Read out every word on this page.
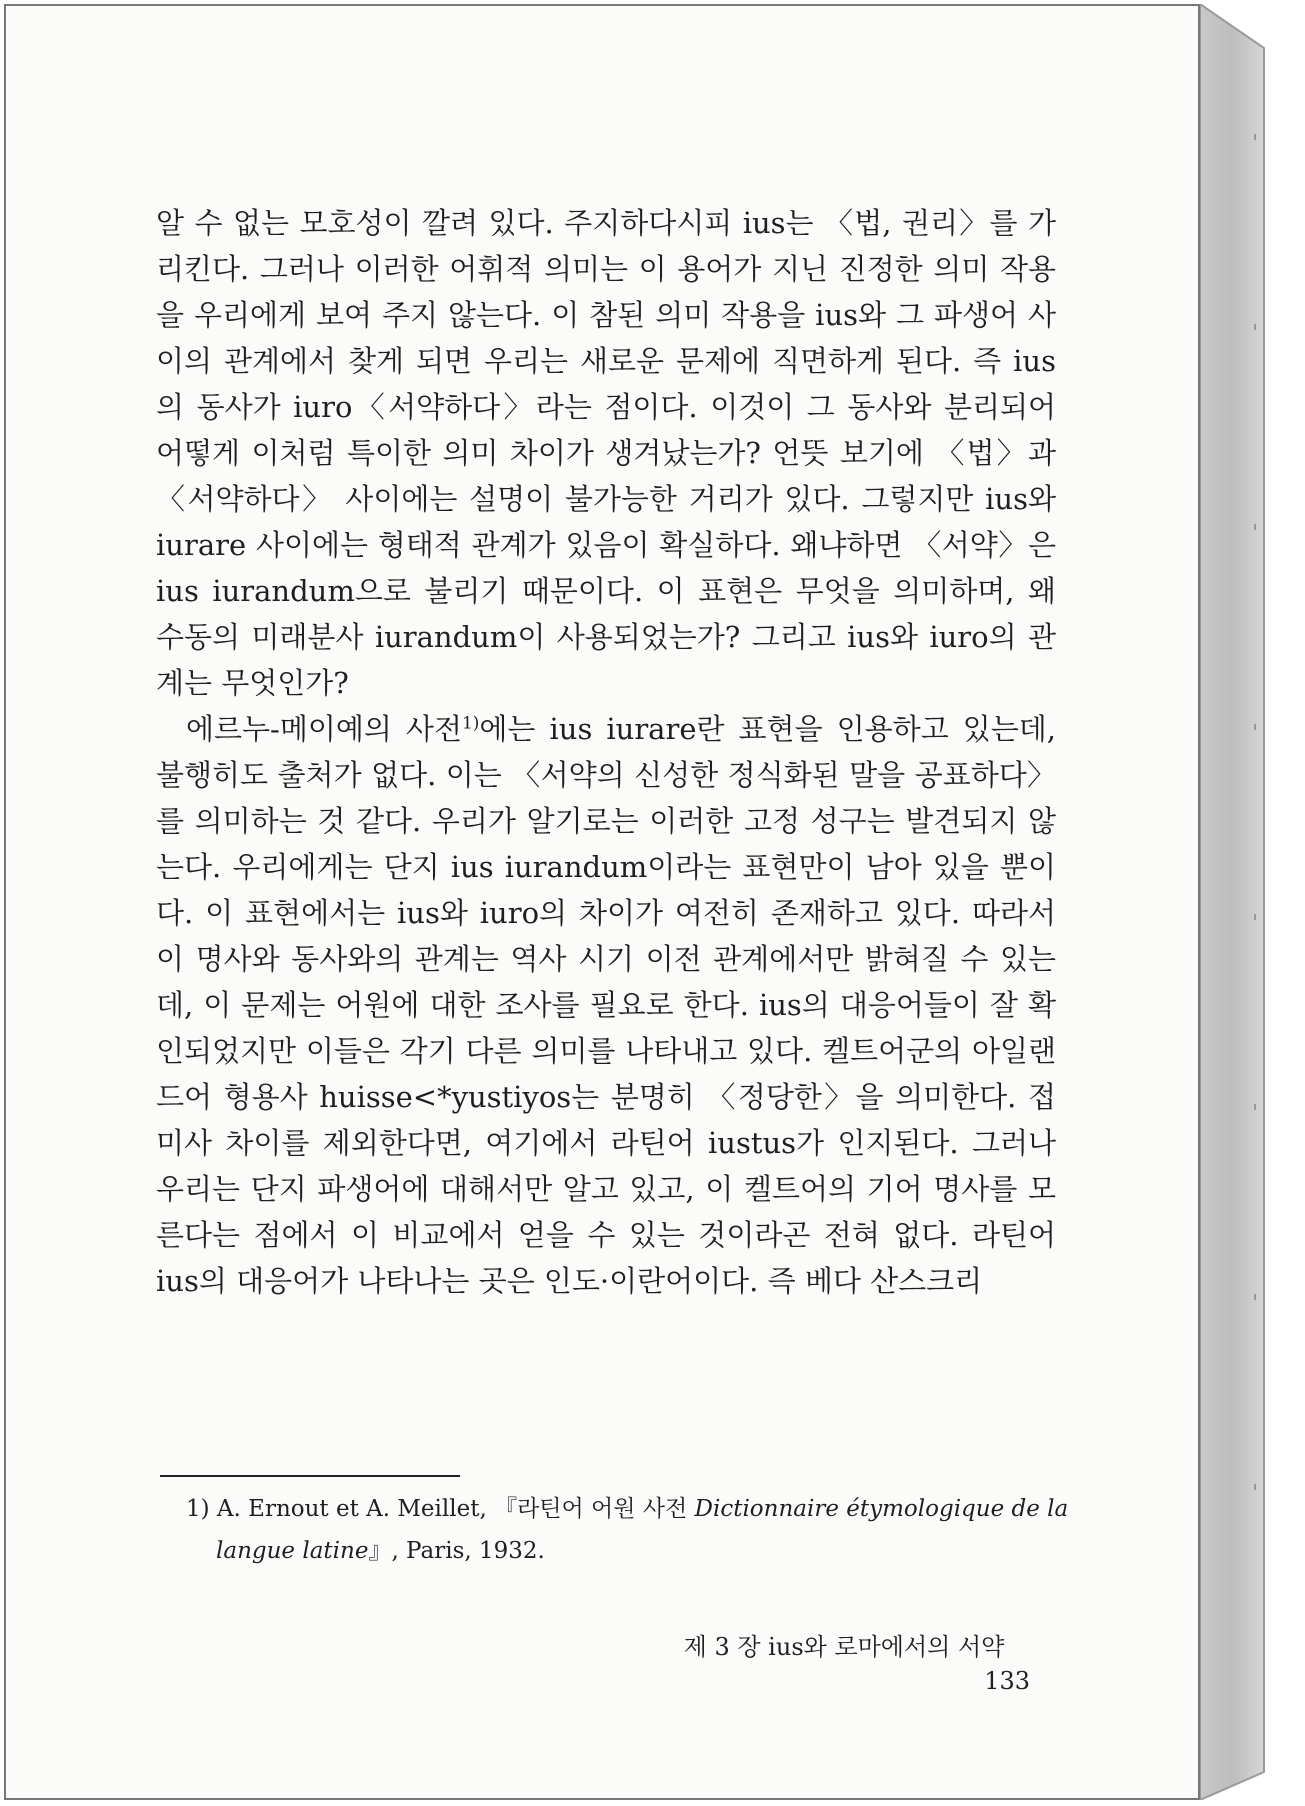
알 수 없는 모호성이 깔려 있다. 주지하다시피 ius는 〈법, 권리〉를 가리킨다. 그러나 이러한 어휘적 의미는 이 용어가 지닌 진정한 의미 작용을 우리에게 보여 주지 않는다. 이 참된 의미 작용을 ius와 그 파생어 사이의 관계에서 찾게 되면 우리는 새로운 문제에 직면하게 된다. 즉 ius의 동사가 iuro〈서약하다〉라는 점이다. 이것이 그 동사와 분리되어 어떻게 이처럼 특이한 의미 차이가 생겨났는가? 언뜻 보기에 〈법〉과 〈서약하다〉 사이에는 설명이 불가능한 거리가 있다. 그렇지만 ius와 iurare 사이에는 형태적 관계가 있음이 확실하다. 왜냐하면 〈서약〉은 ius iurandum으로 불리기 때문이다. 이 표현은 무엇을 의미하며, 왜 수동의 미래분사 iurandum이 사용되었는가? 그리고 ius와 iuro의 관계는 무엇인가?

에르누-메이예의 사전$^{1)}$에는 ius iurare란 표현을 인용하고 있는데, 불행히도 출처가 없다. 이는 〈서약의 신성한 정식화된 말을 공표하다〉를 의미하는 것 같다. 우리가 알기로는 이러한 고정 성구는 발견되지 않는다. 우리에게는 단지 ius iurandum이라는 표현만이 남아 있을 뿐이다. 이 표현에서는 ius와 iuro의 차이가 여전히 존재하고 있다. 따라서 이 명사와 동사와의 관계는 역사 시기 이전 관계에서만 밝혀질 수 있는데, 이 문제는 어원에 대한 조사를 필요로 한다. ius의 대응어들이 잘 확인되었지만 이들은 각기 다른 의미를 나타내고 있다. 켈트어군의 아일랜드어 형용사 huisse<*yustiyos는 분명히 〈정당한〉을 의미한다. 접미사 차이를 제외한다면, 여기에서 라틴어 iustus가 인지된다. 그러나 우리는 단지 파생어에 대해서만 알고 있고, 이 켈트어의 기어 명사를 모른다는 점에서 이 비교에서 얻을 수 있는 것이라곤 전혀 없다. 라틴어 ius의 대응어가 나타나는 곳은 인도·이란어이다. 즉 베다 산스크리

1) A. Ernout et A. Meillet, 『라틴어 어원 사전 Dictionnaire étymologique de la langue latine』, Paris, 1932.
제 3 장 ius와 로마에서의 서약  133
